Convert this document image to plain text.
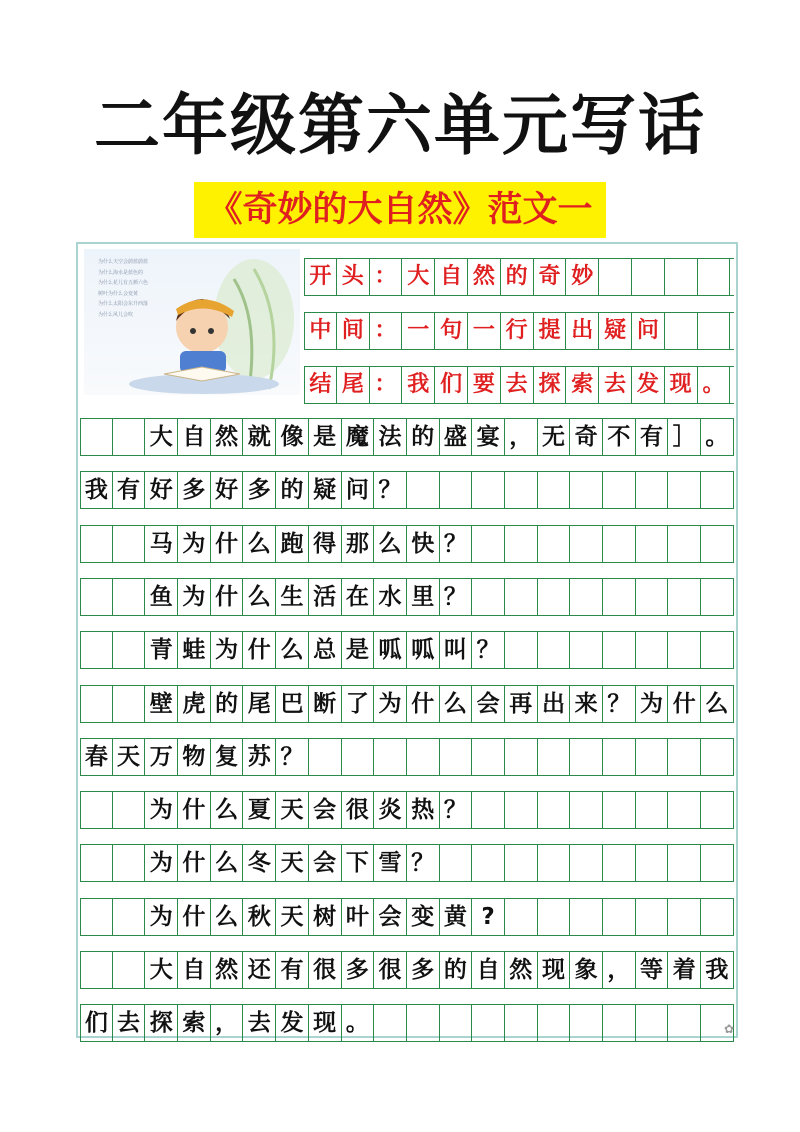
二年级第六单元写话
《奇妙的大自然》范文一
为什么天空会蔚蓝蔚蓝
为什么海水是蓝色的
为什么花儿有五颜六色
树叶为什么会变黄
为什么太阳会东升西落
为什么风儿会吹
开 头 ： 大 自 然 的 奇 妙
中 间 ： 一 句 一 行 提 出 疑 问
结 尾 ： 我 们 要 去 探 索 去 发 现 。
大 自 然 就 像 是 魔 法 的 盛 宴 ， 无 奇 不 有 ］ 。
我 有 好 多 好 多 的 疑 问 ？
马 为 什 么 跑 得 那 么 快 ？
鱼 为 什 么 生 活 在 水 里 ？
青 蛙 为 什 么 总 是 呱 呱 叫 ？
壁 虎 的 尾 巴 断 了 为 什 么 会 再 出 来 ？ 为 什 么
春 天 万 物 复 苏 ？
为 什 么 夏 天 会 很 炎 热 ？
为 什 么 冬 天 会 下 雪 ？
为 什 么 秋 天 树 叶 会 变 黄 ?
大 自 然 还 有 很 多 很 多 的 自 然 现 象 ， 等 着 我
们 去 探 索 ， 去 发 现 。	✿
